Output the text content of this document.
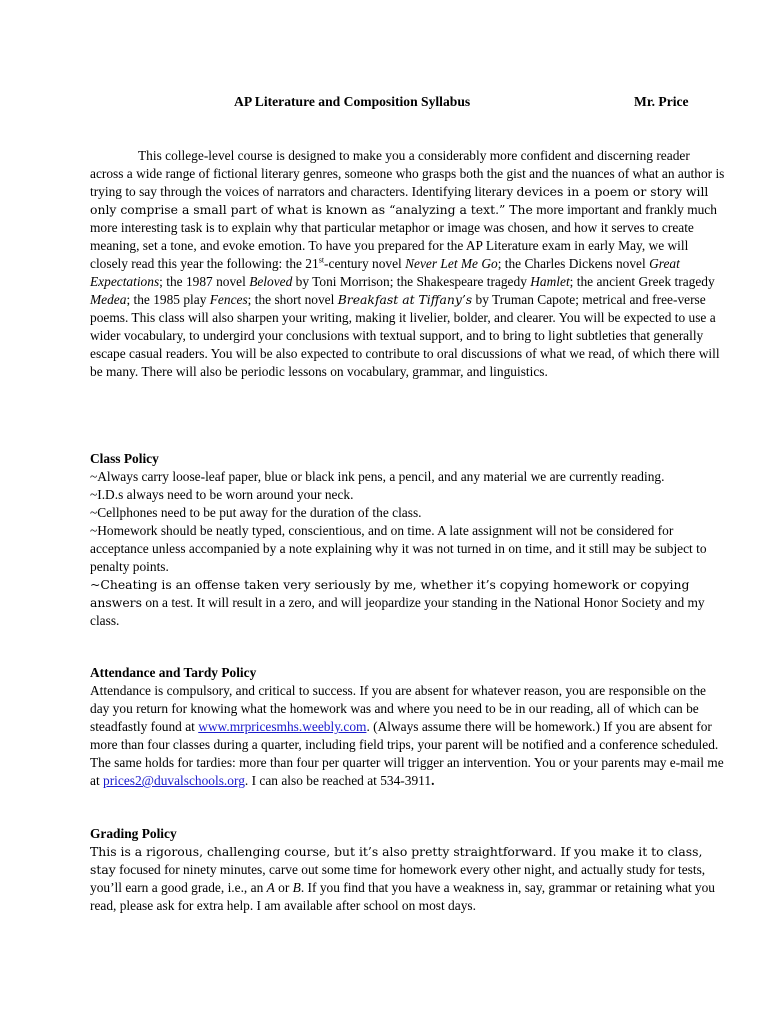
AP Literature and Composition Syllabus	Mr. Price

This college-level course is designed to make you a considerably more confident and discerning reader across a wide range of fictional literary genres, someone who grasps both the gist and the nuances of what an author is trying to say through the voices of narrators and characters. Identifying literary devices in a poem or story will only comprise a small part of what is known as “analyzing a text.” The more important and frankly much more interesting task is to explain why that particular metaphor or image was chosen, and how it serves to create meaning, set a tone, and evoke emotion. To have you prepared for the AP Literature exam in early May, we will closely read this year the following: the 21st-century novel Never Let Me Go; the Charles Dickens novel Great Expectations; the 1987 novel Beloved by Toni Morrison; the Shakespeare tragedy Hamlet; the ancient Greek tragedy Medea; the 1985 play Fences; the short novel Breakfast at Tiffany’s by Truman Capote; metrical and free-verse poems. This class will also sharpen your writing, making it livelier, bolder, and clearer. You will be expected to use a wider vocabulary, to undergird your conclusions with textual support, and to bring to light subtleties that generally escape casual readers. You will be also expected to contribute to oral discussions of what we read, of which there will be many. There will also be periodic lessons on vocabulary, grammar, and linguistics.

Class Policy
~Always carry loose-leaf paper, blue or black ink pens, a pencil, and any material we are currently reading.
~I.D.s always need to be worn around your neck.
~Cellphones need to be put away for the duration of the class.
~Homework should be neatly typed, conscientious, and on time. A late assignment will not be considered for acceptance unless accompanied by a note explaining why it was not turned in on time, and it still may be subject to penalty points.
~Cheating is an offense taken very seriously by me, whether it’s copying homework or copying answers on a test. It will result in a zero, and will jeopardize your standing in the National Honor Society and my class.
Attendance and Tardy Policy
Attendance is compulsory, and critical to success. If you are absent for whatever reason, you are responsible on the day you return for knowing what the homework was and where you need to be in our reading, all of which can be steadfastly found at www.mrpricesmhs.weebly.com. (Always assume there will be homework.) If you are absent for more than four classes during a quarter, including field trips, your parent will be notified and a conference scheduled. The same holds for tardies: more than four per quarter will trigger an intervention. You or your parents may e-mail me at prices2@duvalschools.org. I can also be reached at 534-3911.
Grading Policy
This is a rigorous, challenging course, but it’s also pretty straightforward. If you make it to class, stay focused for ninety minutes, carve out some time for homework every other night, and actually study for tests, you’ll earn a good grade, i.e., an A or B. If you find that you have a weakness in, say, grammar or retaining what you read, please ask for extra help. I am available after school on most days.
